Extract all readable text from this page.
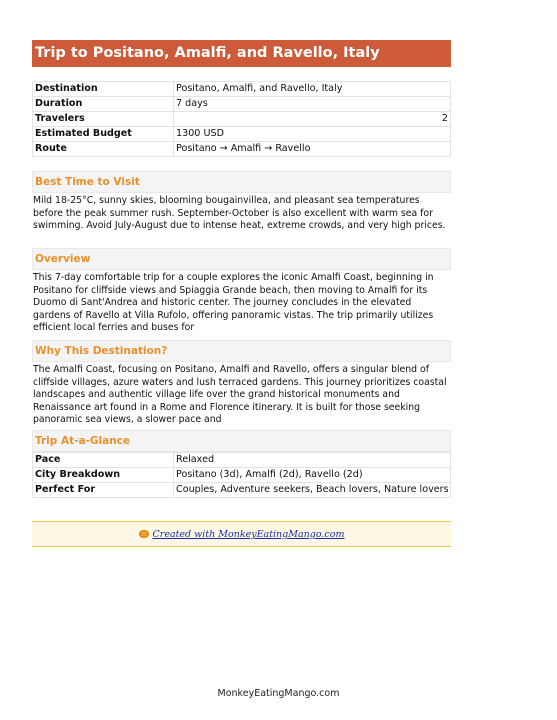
Trip to Positano, Amalfi, and Ravello, Italy
Destination	Positano, Amalfi, and Ravello, Italy
Duration	7 days
Travelers	2
Estimated Budget	1300 USD
Route	Positano → Amalfi → Ravello
Best Time to Visit
Mild 18-25°C, sunny skies, blooming bougainvillea, and pleasant sea temperatures before the peak summer rush. September-October is also excellent with warm sea for swimming. Avoid July-August due to intense heat, extreme crowds, and very high prices.
Overview
This 7-day comfortable trip for a couple explores the iconic Amalfi Coast, beginning in Positano for cliffside views and Spiaggia Grande beach, then moving to Amalfi for its Duomo di Sant'Andrea and historic center. The journey concludes in the elevated gardens of Ravello at Villa Rufolo, offering panoramic vistas. The trip primarily utilizes efficient local ferries and buses for
Why This Destination?
The Amalfi Coast, focusing on Positano, Amalfi and Ravello, offers a singular blend of cliffside villages, azure waters and lush terraced gardens. This journey prioritizes coastal landscapes and authentic village life over the grand historical monuments and Renaissance art found in a Rome and Florence itinerary. It is built for those seeking panoramic sea views, a slower pace and
Trip At-a-Glance
Pace	Relaxed
City Breakdown	Positano (3d), Amalfi (2d), Ravello (2d)
Perfect For	Couples, Adventure seekers, Beach lovers, Nature lovers
Created with MonkeyEatingMango.com
MonkeyEatingMango.com
